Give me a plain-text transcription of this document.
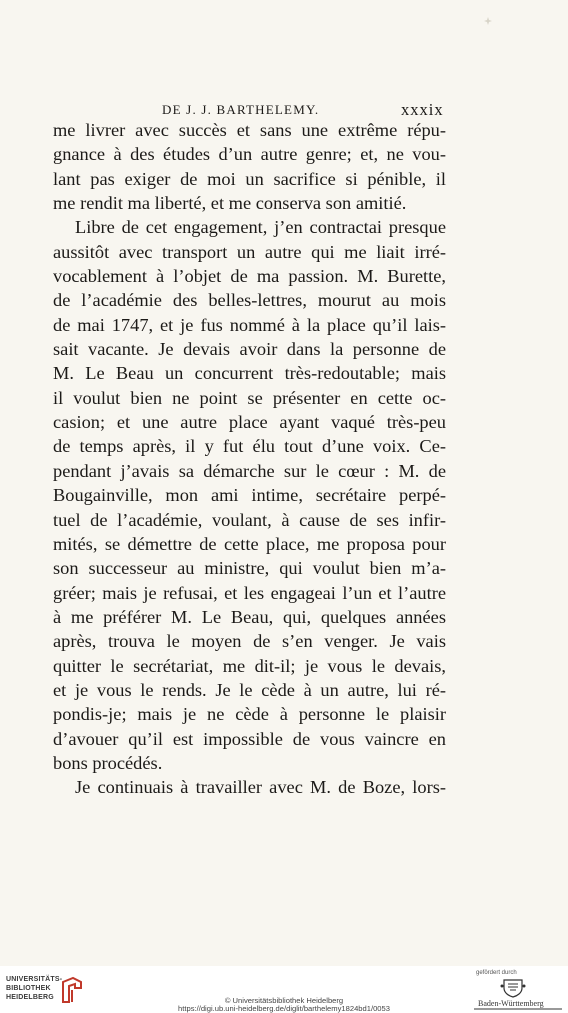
DE J. J. BARTHELEMY.	xxxix
me livrer avec succès et sans une extrême répu-
gnance à des études d’un autre genre; et, ne vou-
lant pas exiger de moi un sacrifice si pénible, il
me rendit ma liberté, et me conserva son amitié.
Libre de cet engagement, j’en contractai presque
aussitôt avec transport un autre qui me liait irré-
vocablement à l’objet de ma passion. M. Burette,
de l’académie des belles-lettres, mourut au mois
de mai 1747, et je fus nommé à la place qu’il lais-
sait vacante. Je devais avoir dans la personne de
M. Le Beau un concurrent très-redoutable; mais
il voulut bien ne point se présenter en cette oc-
casion; et une autre place ayant vaqué très-peu
de temps après, il y fut élu tout d’une voix. Ce-
pendant j’avais sa démarche sur le cœur : M. de
Bougainville, mon ami intime, secrétaire perpé-
tuel de l’académie, voulant, à cause de ses infir-
mités, se démettre de cette place, me proposa pour
son successeur au ministre, qui voulut bien m’a-
gréer; mais je refusai, et les engageai l’un et l’autre
à me préférer M. Le Beau, qui, quelques années
après, trouva le moyen de s’en venger. Je vais
quitter le secrétariat, me dit-il; je vous le devais,
et je vous le rends. Je le cède à un autre, lui ré-
pondis-je; mais je ne cède à personne le plaisir
d’avouer qu’il est impossible de vous vaincre en
bons procédés.
Je continuais à travailler avec M. de Boze, lors-
UNIVERSITÄTS-
BIBLIOTHEK
HEIDELBERG	© Universitätsbibliothek Heidelberg
https://digi.ub.uni-heidelberg.de/diglit/barthelemy1824bd1/0053
gefördert durch
Baden-Württemberg
